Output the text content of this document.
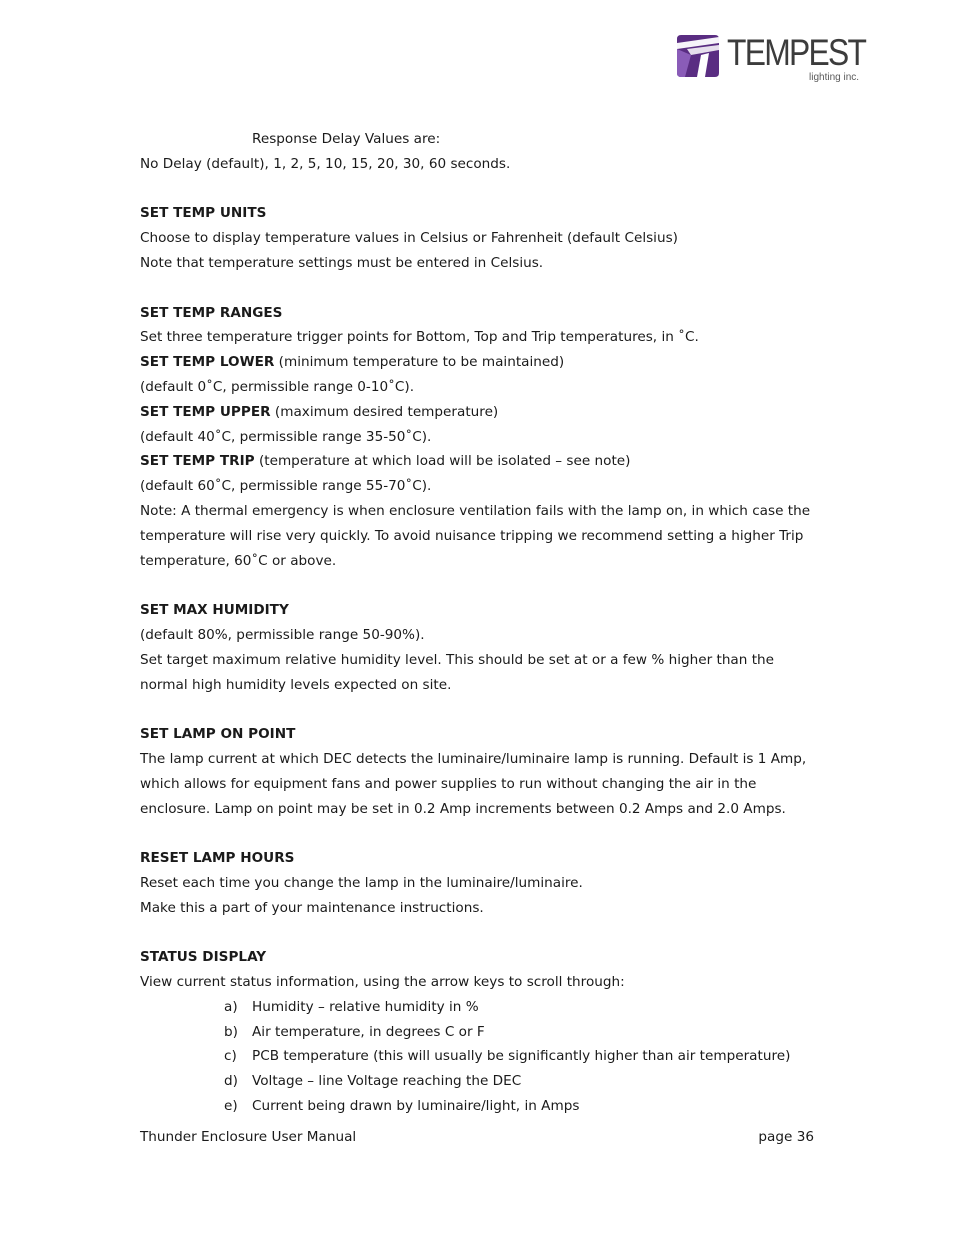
TEMPEST
lighting inc.
Response Delay Values are:
No Delay (default), 1, 2, 5, 10, 15, 20, 30, 60 seconds.
SET TEMP UNITS
Choose to display temperature values in Celsius or Fahrenheit (default Celsius)
Note that temperature settings must be entered in Celsius.
SET TEMP RANGES
Set three temperature trigger points for Bottom, Top and Trip temperatures, in ˚C.
SET TEMP LOWER (minimum temperature to be maintained)
(default 0˚C, permissible range 0-10˚C).
SET TEMP UPPER (maximum desired temperature)
(default 40˚C, permissible range 35-50˚C).
SET TEMP TRIP (temperature at which load will be isolated – see note)
(default 60˚C, permissible range 55-70˚C).
Note: A thermal emergency is when enclosure ventilation fails with the lamp on, in which case the
temperature will rise very quickly. To avoid nuisance tripping we recommend setting a higher Trip
temperature, 60˚C or above.
SET MAX HUMIDITY
(default 80%, permissible range 50-90%).
Set target maximum relative humidity level. This should be set at or a few % higher than the
normal high humidity levels expected on site.
SET LAMP ON POINT
The lamp current at which DEC detects the luminaire/luminaire lamp is running. Default is 1 Amp,
which allows for equipment fans and power supplies to run without changing the air in the
enclosure. Lamp on point may be set in 0.2 Amp increments between 0.2 Amps and 2.0 Amps.
RESET LAMP HOURS
Reset each time you change the lamp in the luminaire/luminaire.
Make this a part of your maintenance instructions.
STATUS DISPLAY
View current status information, using the arrow keys to scroll through:
a) Humidity – relative humidity in %
b) Air temperature, in degrees C or F
c) PCB temperature (this will usually be significantly higher than air temperature)
d) Voltage – line Voltage reaching the DEC
e) Current being drawn by luminaire/light, in Amps
Thunder Enclosure User Manual	page 36
